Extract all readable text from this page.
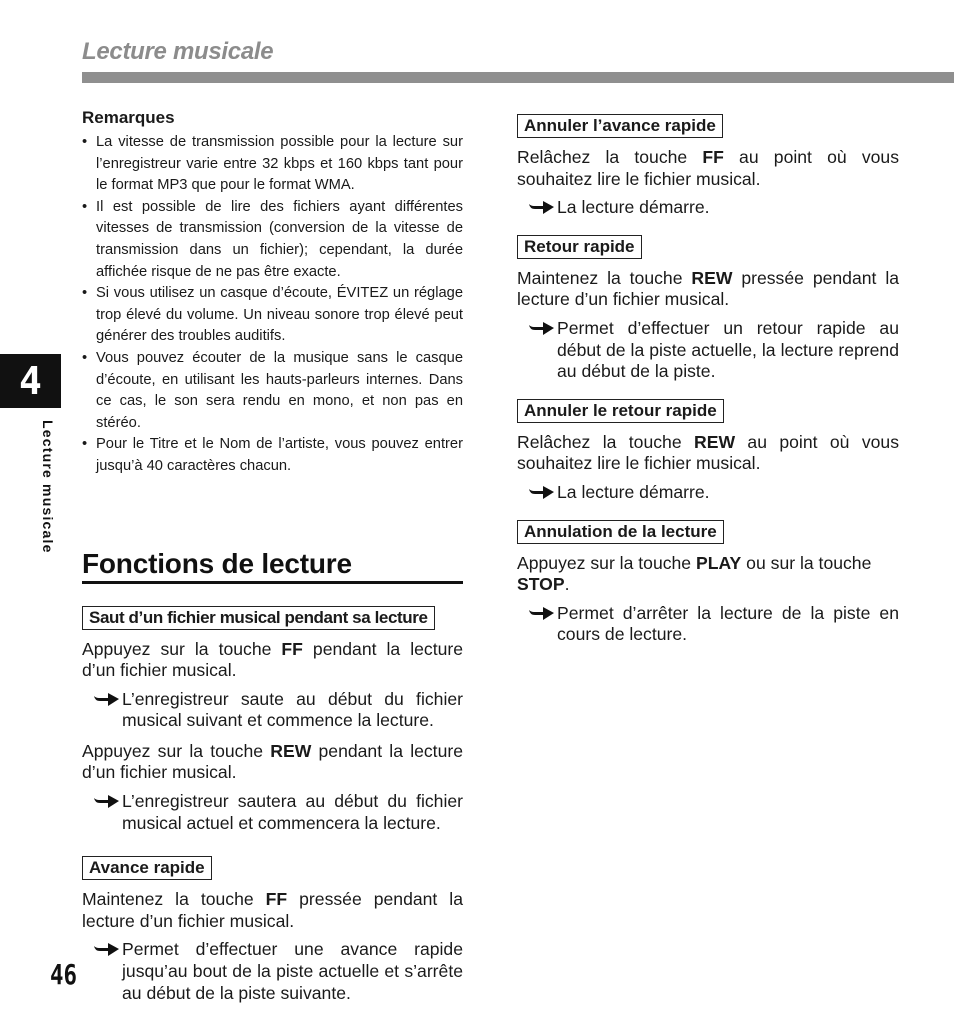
Lecture musicale
4
Lecture musicale
46
Remarques
• La vitesse de transmission possible pour la lecture sur l’enregistreur varie entre 32 kbps et 160 kbps tant pour le format MP3 que pour le format WMA.
• Il est possible de lire des fichiers ayant différentes vitesses de transmission (conversion de la vitesse de transmission dans un fichier); cependant, la durée affichée risque de ne pas être exacte.
• Si vous utilisez un casque d’écoute, ÉVITEZ un réglage trop élevé du volume. Un niveau sonore trop élevé peut générer des troubles auditifs.
• Vous pouvez écouter de la musique sans le casque d’écoute, en utilisant les hauts-parleurs internes. Dans ce cas, le son sera rendu en mono, et non pas en stéréo.
• Pour le Titre et le Nom de l’artiste, vous pouvez entrer jusqu’à 40 caractères chacun.
Fonctions de lecture
Saut d’un fichier musical pendant sa lecture
Appuyez sur la touche FF pendant la lecture d’un fichier musical.
L’enregistreur saute au début du fichier musical suivant et commence la lecture.
Appuyez sur la touche REW pendant la lecture d’un fichier musical.
L’enregistreur sautera au début du fichier musical actuel et commencera la lecture.
Avance rapide
Maintenez la touche FF pressée pendant la lecture d’un fichier musical.
Permet d’effectuer une avance rapide jusqu’au bout de la piste actuelle et s’arrête au début de la piste suivante.
Annuler l’avance rapide
Relâchez la touche FF au point où vous souhaitez lire le fichier musical.
La lecture démarre.
Retour rapide
Maintenez la touche REW pressée pendant la lecture d’un fichier musical.
Permet d’effectuer un retour rapide au début de la piste actuelle, la lecture reprend au début de la piste.
Annuler le retour rapide
Relâchez la touche REW au point où vous souhaitez lire le fichier musical.
La lecture démarre.
Annulation de la lecture
Appuyez sur la touche PLAY ou sur la touche STOP.
Permet d’arrêter la lecture de la piste en cours de lecture.
